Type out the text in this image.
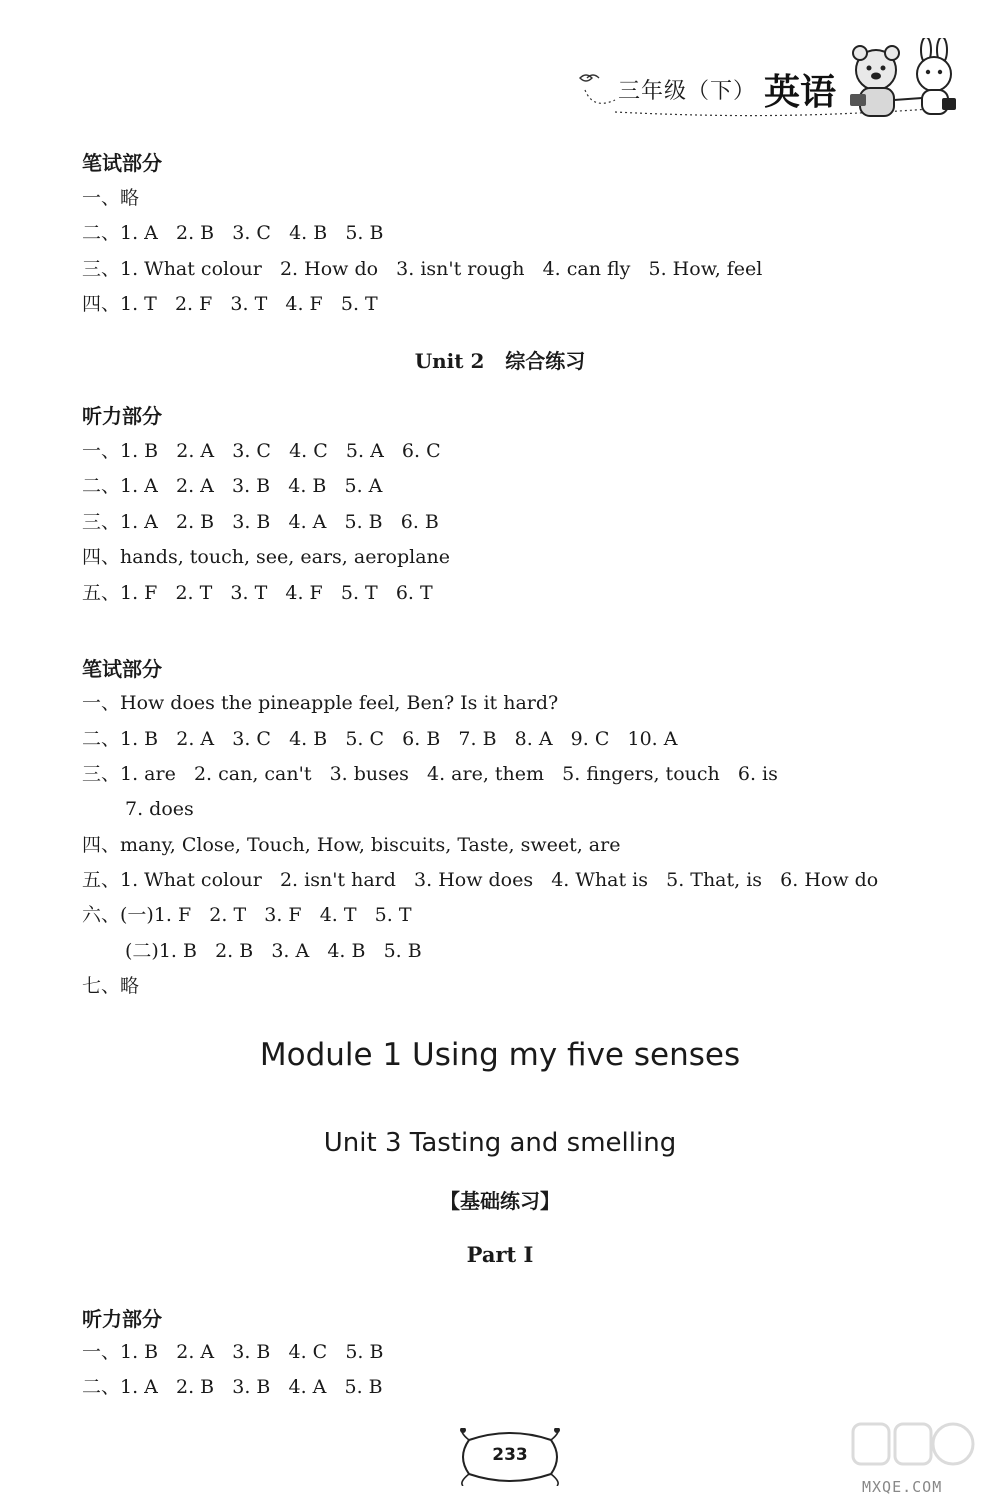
三年级（下） 英语
笔试部分
一、略
二、1. A   2. B   3. C   4. B   5. B
三、1. What colour   2. How do   3. isn't rough   4. can fly   5. How, feel
四、1. T   2. F   3. T   4. F   5. T
Unit 2 综合练习
听力部分
一、1. B   2. A   3. C   4. C   5. A   6. C
二、1. A   2. A   3. B   4. B   5. A
三、1. A   2. B   3. B   4. A   5. B   6. B
四、hands, touch, see, ears, aeroplane
五、1. F   2. T   3. T   4. F   5. T   6. T
笔试部分
一、How does the pineapple feel, Ben? Is it hard?
二、1. B   2. A   3. C   4. B   5. C   6. B   7. B   8. A   9. C   10. A
三、1. are   2. can, can't   3. buses   4. are, them   5. fingers, touch   6. is
7. does
四、many, Close, Touch, How, biscuits, Taste, sweet, are
五、1. What colour   2. isn't hard   3. How does   4. What is   5. That, is   6. How do
六、(一)1. F   2. T   3. F   4. T   5. T
(二)1. B   2. B   3. A   4. B   5. B
七、略
Module 1 Using my five senses
Unit 3 Tasting and smelling
【基础练习】
Part Ⅰ
听力部分
一、1. B   2. A   3. B   4. C   5. B
二、1. A   2. B   3. B   4. A   5. B
233
MXQE.COM
